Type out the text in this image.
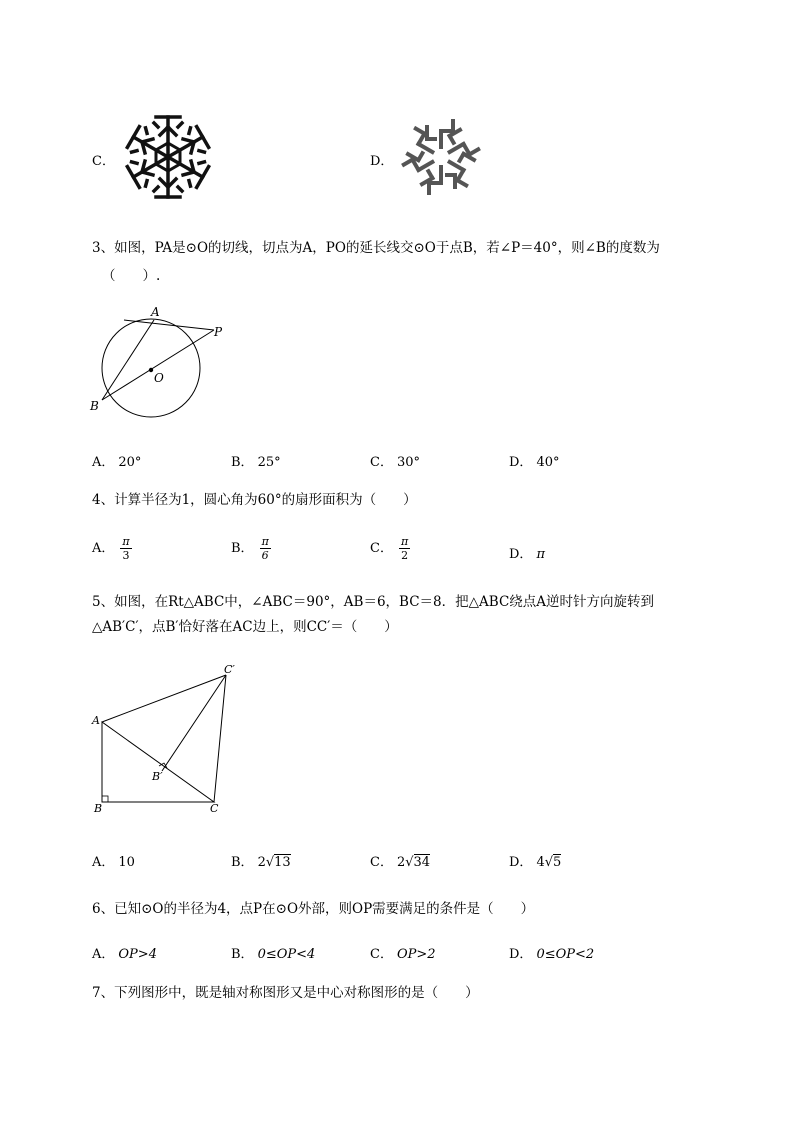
C．	D．
3、如图，PA是⊙O的切线，切点为A，PO的延长线交⊙O于点B，若∠P＝40°，则∠B的度数为
（　　）.
A
P
O
B
A． 20°	B． 25°	C． 30°	D． 40°
4、计算半径为1，圆心角为60°的扇形面积为（　　）
A． $\frac{\pi}{3}$	B． $\frac{\pi}{6}$	C． $\frac{\pi}{2}$	D． π
5、如图，在Rt△ABC中，∠ABC＝90°，AB＝6，BC＝8．把△ABC绕点A逆时针方向旋转到
△AB′C′，点B′恰好落在AC边上，则CC′＝（　　）
C′
A
B′
B	C
A． 10	B． 2√13	C． 2√34	D． 4√5
6、已知⊙O的半径为4，点P在⊙O外部，则OP需要满足的条件是（　　）
A． OP>4	B． 0≤OP<4	C． OP>2	D． 0≤OP<2
7、下列图形中，既是轴对称图形又是中心对称图形的是（　　）
